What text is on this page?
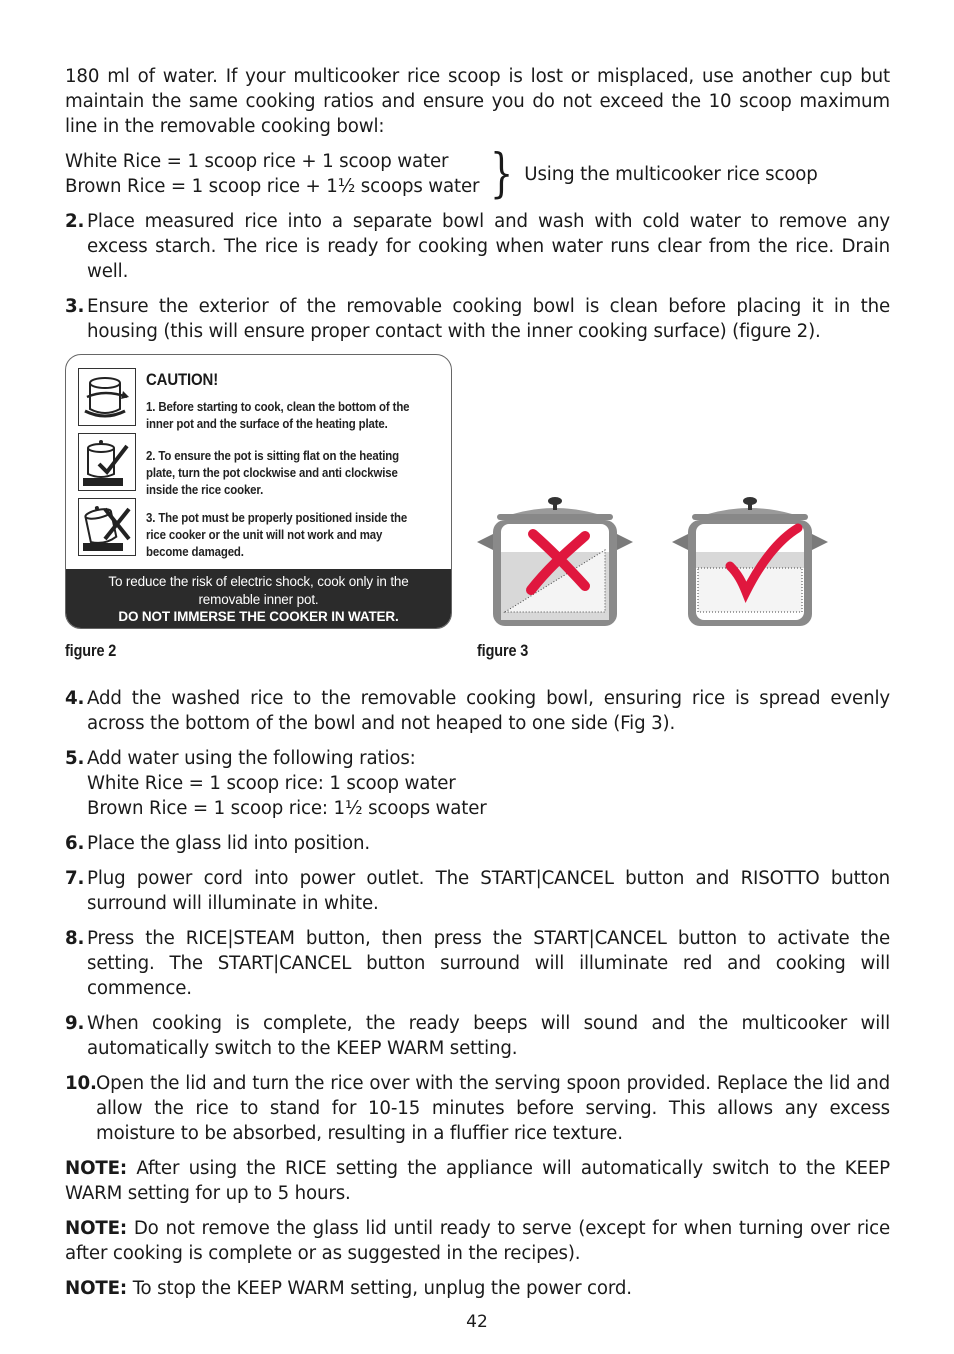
180 ml of water. If your multicooker rice scoop is lost or misplaced, use another cup but maintain the same cooking ratios and ensure you do not exceed the 10 scoop maximum line in the removable cooking bowl:

White Rice = 1 scoop rice + 1 scoop water
Brown Rice = 1 scoop rice + 1½ scoops water } Using the multicooker rice scoop
2. Place measured rice into a separate bowl and wash with cold water to remove any excess starch. The rice is ready for cooking when water runs clear from the rice. Drain well.
3. Ensure the exterior of the removable cooking bowl is clean before placing it in the housing (this will ensure proper contact with the inner cooking surface) (figure 2).
CAUTION!
1. Before starting to cook, clean the bottom of the inner pot and the surface of the heating plate.
2. To ensure the pot is sitting flat on the heating plate, turn the pot clockwise and anti clockwise inside the rice cooker.
3. The pot must be properly positioned inside the rice cooker or the unit will not work and may become damaged.
To reduce the risk of electric shock, cook only in the
removable inner pot.
DO NOT IMMERSE THE COOKER IN WATER.
figure 2	figure 3
4. Add the washed rice to the removable cooking bowl, ensuring rice is spread evenly across the bottom of the bowl and not heaped to one side (Fig 3).
5. Add water using the following ratios:
White Rice = 1 scoop rice: 1 scoop water
Brown Rice = 1 scoop rice: 1½ scoops water
6. Place the glass lid into position.
7. Plug power cord into power outlet. The START|CANCEL button and RISOTTO button surround will illuminate in white.
8. Press the RICE|STEAM button, then press the START|CANCEL button to activate the setting. The START|CANCEL button surround will illuminate red and cooking will commence.
9. When cooking is complete, the ready beeps will sound and the multicooker will automatically switch to the KEEP WARM setting.
10. Open the lid and turn the rice over with the serving spoon provided. Replace the lid and allow the rice to stand for 10-15 minutes before serving. This allows any excess moisture to be absorbed, resulting in a fluffier rice texture.

NOTE: After using the RICE setting the appliance will automatically switch to the KEEP WARM setting for up to 5 hours.

NOTE: Do not remove the glass lid until ready to serve (except for when turning over rice after cooking is complete or as suggested in the recipes).

NOTE: To stop the KEEP WARM setting, unplug the power cord.

42
